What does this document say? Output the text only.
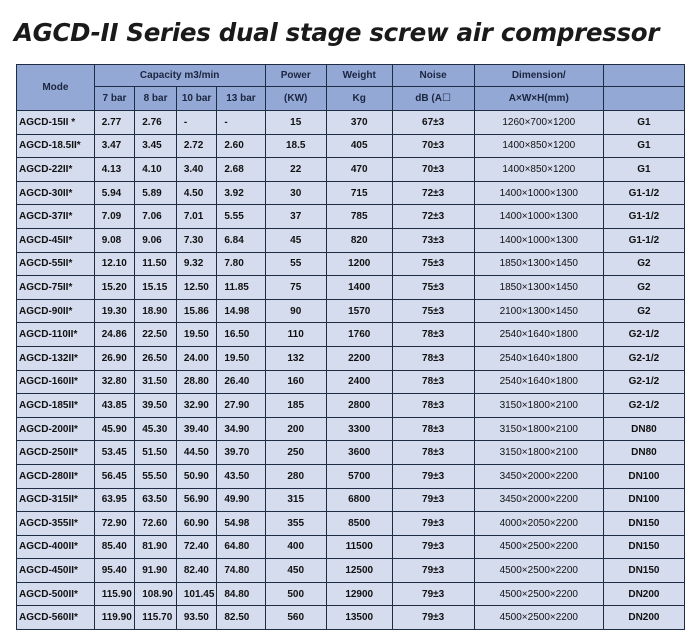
AGCD-II Series dual stage screw air compressor
Mode	Capacity m3/min				Power	Weight	Noise	Dimension/	
	7 bar	8 bar	10 bar	13 bar	(KW)	Kg	dB (A☐	A×W×H(mm)	
AGCD-15II *	2.77	2.76	-	-	15	370	67±3	1260×700×1200	G1
AGCD-18.5II*	3.47	3.45	2.72	2.60	18.5	405	70±3	1400×850×1200	G1
AGCD-22II*	4.13	4.10	3.40	2.68	22	470	70±3	1400×850×1200	G1
AGCD-30II*	5.94	5.89	4.50	3.92	30	715	72±3	1400×1000×1300	G1-1/2
AGCD-37II*	7.09	7.06	7.01	5.55	37	785	72±3	1400×1000×1300	G1-1/2
AGCD-45II*	9.08	9.06	7.30	6.84	45	820	73±3	1400×1000×1300	G1-1/2
AGCD-55II*	12.10	11.50	9.32	7.80	55	1200	75±3	1850×1300×1450	G2
AGCD-75II*	15.20	15.15	12.50	11.85	75	1400	75±3	1850×1300×1450	G2
AGCD-90II*	19.30	18.90	15.86	14.98	90	1570	75±3	2100×1300×1450	G2
AGCD-110II*	24.86	22.50	19.50	16.50	110	1760	78±3	2540×1640×1800	G2-1/2
AGCD-132II*	26.90	26.50	24.00	19.50	132	2200	78±3	2540×1640×1800	G2-1/2
AGCD-160II*	32.80	31.50	28.80	26.40	160	2400	78±3	2540×1640×1800	G2-1/2
AGCD-185II*	43.85	39.50	32.90	27.90	185	2800	78±3	3150×1800×2100	G2-1/2
AGCD-200II*	45.90	45.30	39.40	34.90	200	3300	78±3	3150×1800×2100	DN80
AGCD-250II*	53.45	51.50	44.50	39.70	250	3600	78±3	3150×1800×2100	DN80
AGCD-280II*	56.45	55.50	50.90	43.50	280	5700	79±3	3450×2000×2200	DN100
AGCD-315II*	63.95	63.50	56.90	49.90	315	6800	79±3	3450×2000×2200	DN100
AGCD-355II*	72.90	72.60	60.90	54.98	355	8500	79±3	4000×2050×2200	DN150
AGCD-400II*	85.40	81.90	72.40	64.80	400	11500	79±3	4500×2500×2200	DN150
AGCD-450II*	95.40	91.90	82.40	74.80	450	12500	79±3	4500×2500×2200	DN150
AGCD-500II*	115.90	108.90	101.45	84.80	500	12900	79±3	4500×2500×2200	DN200
AGCD-560II*	119.90	115.70	93.50	82.50	560	13500	79±3	4500×2500×2200	DN200
